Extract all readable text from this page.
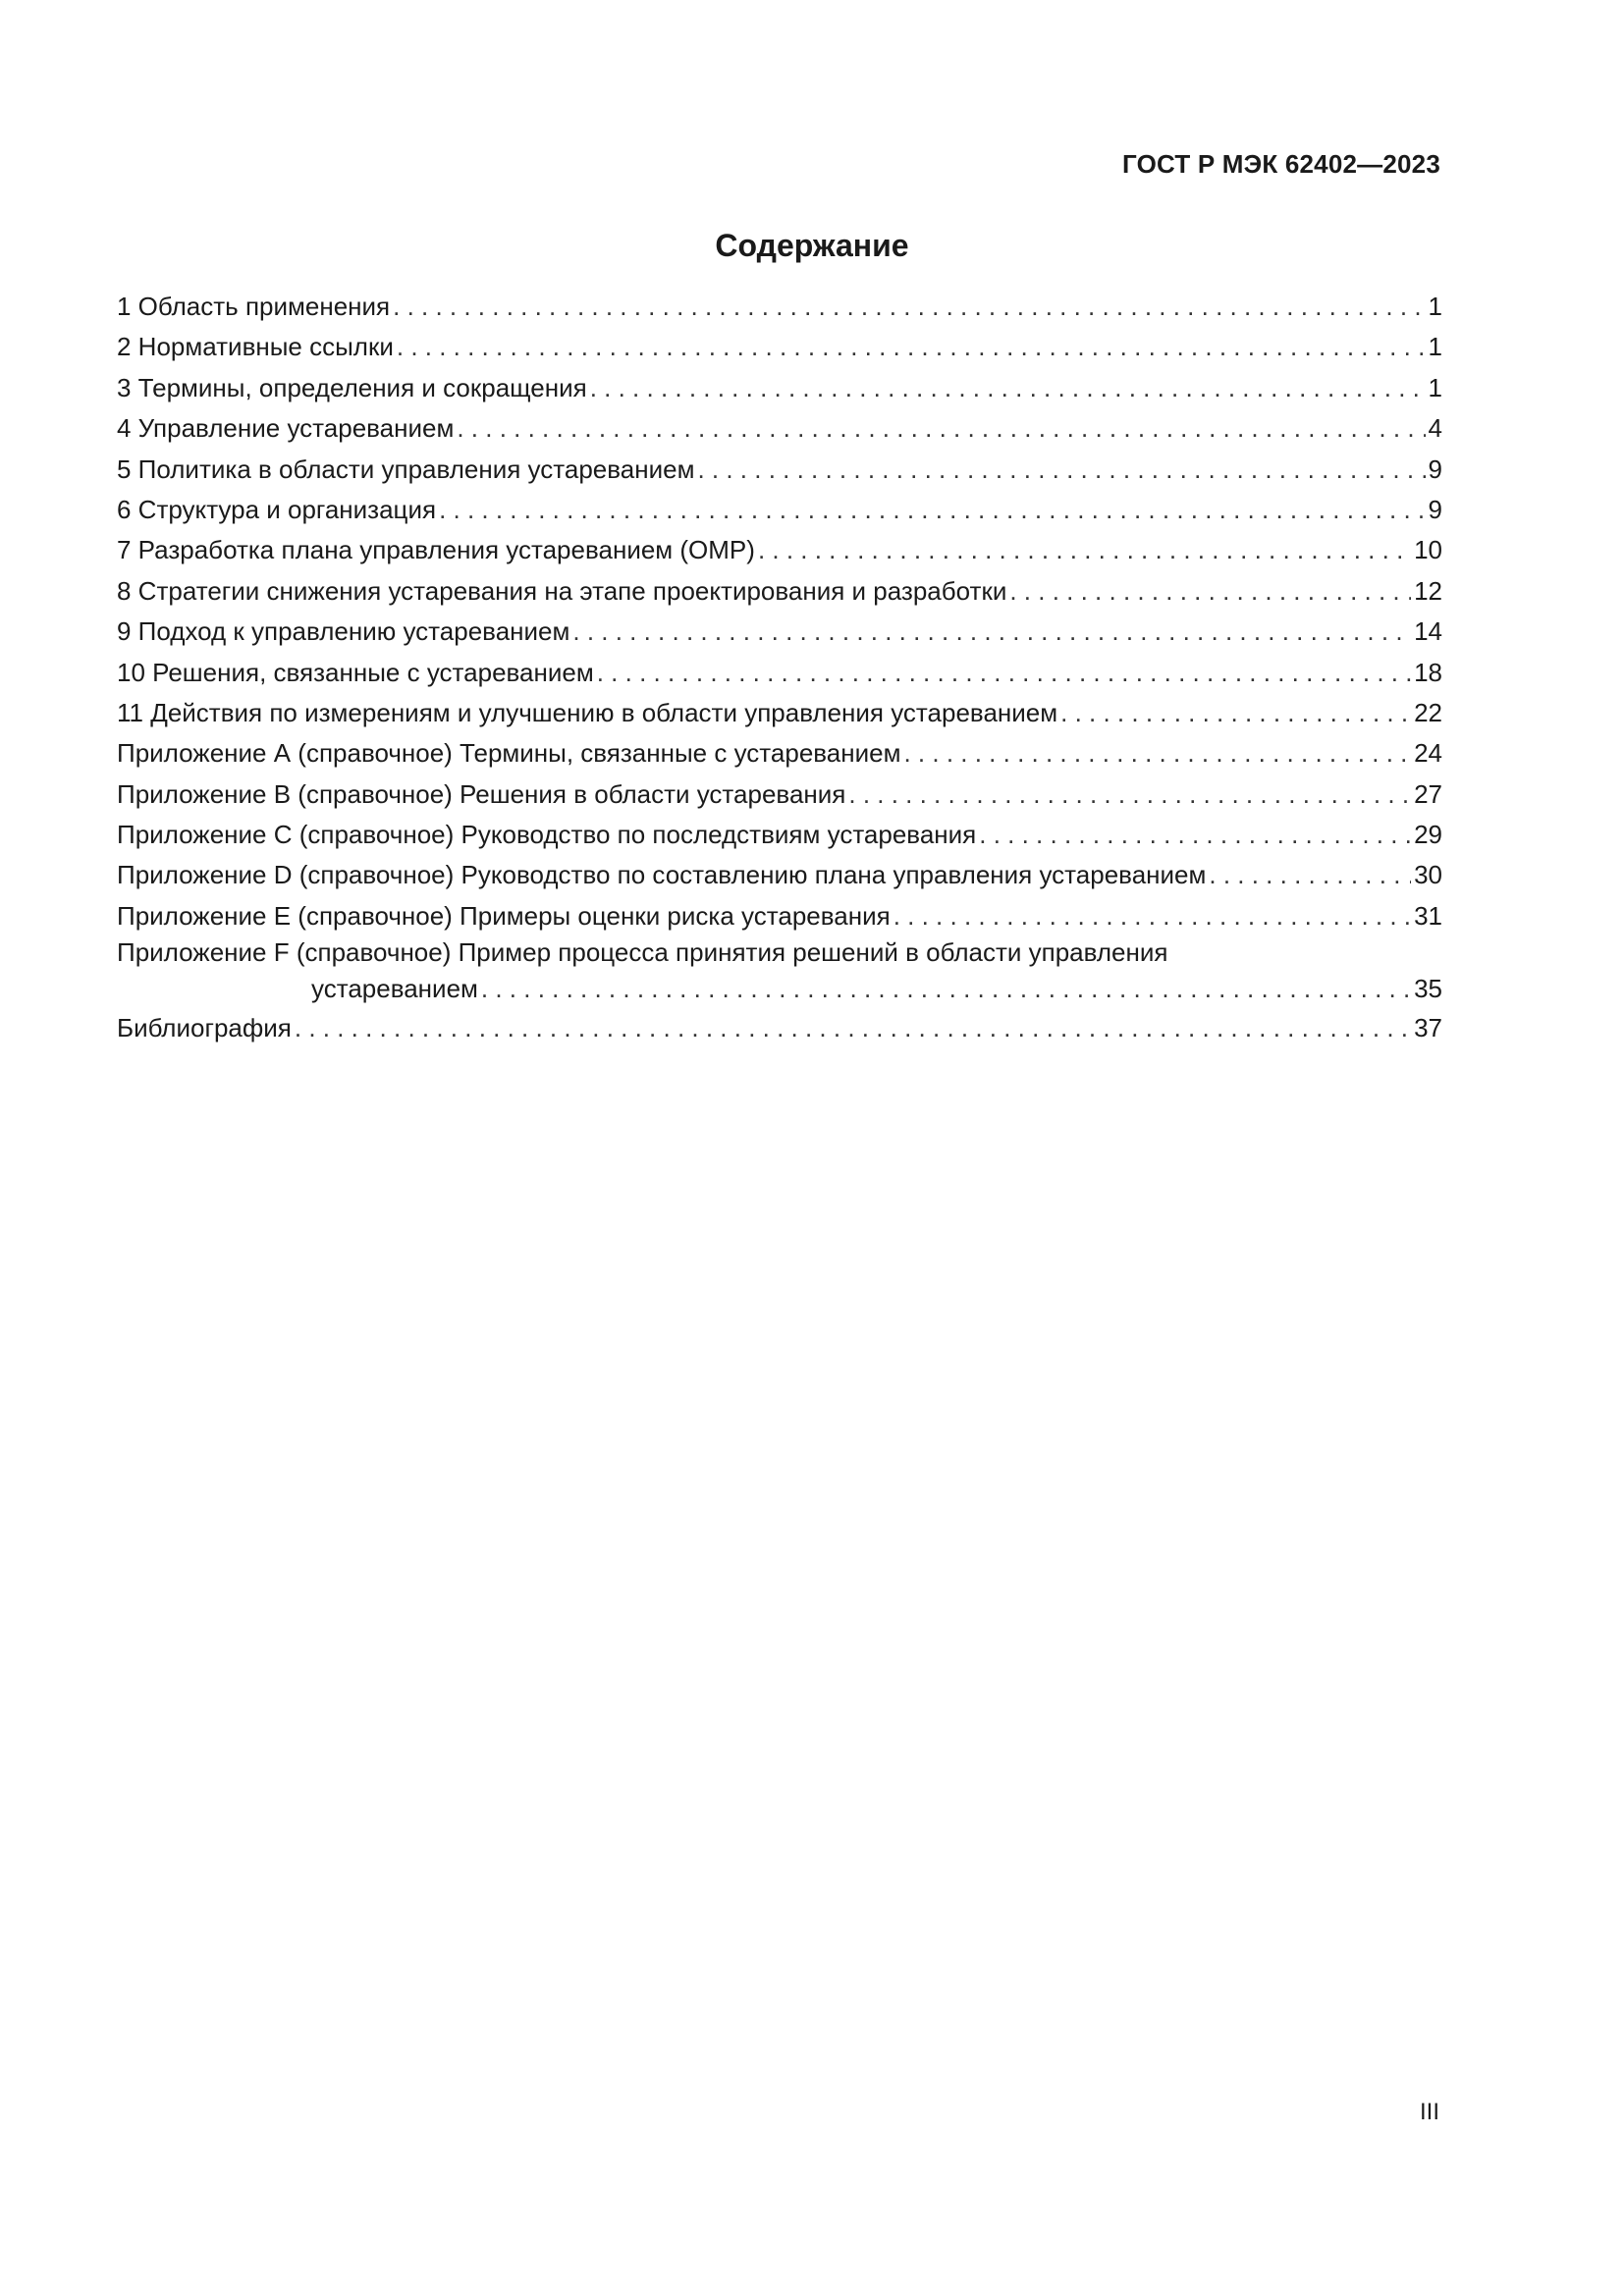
ГОСТ Р МЭК 62402—2023
Содержание
1 Область применения . . .	1
2 Нормативные ссылки . . .	1
3 Термины, определения и сокращения . . .	1
4 Управление устареванием . . .	4
5 Политика в области управления устареванием . . .	9
6 Структура и организация . . .	9
7 Разработка плана управления устареванием (ОМР) . . .	10
8 Стратегии снижения устаревания на этапе проектирования и разработки . . .	12
9 Подход к управлению устареванием . . .	14
10 Решения, связанные с устареванием . . .	18
11 Действия по измерениям и улучшению в области управления устареванием . . .	22
Приложение А (справочное) Термины, связанные с устареванием . . .	24
Приложение В (справочное) Решения в области устаревания . . .	27
Приложение С (справочное) Руководство по последствиям устаревания . . .	29
Приложение D (справочное) Руководство по составлению плана управления устареванием . . .	30
Приложение Е (справочное) Примеры оценки риска устаревания . . .	31
Приложение F (справочное) Пример процесса принятия решений в области управления
устареванием . . .	35
Библиография . . .	37
III
